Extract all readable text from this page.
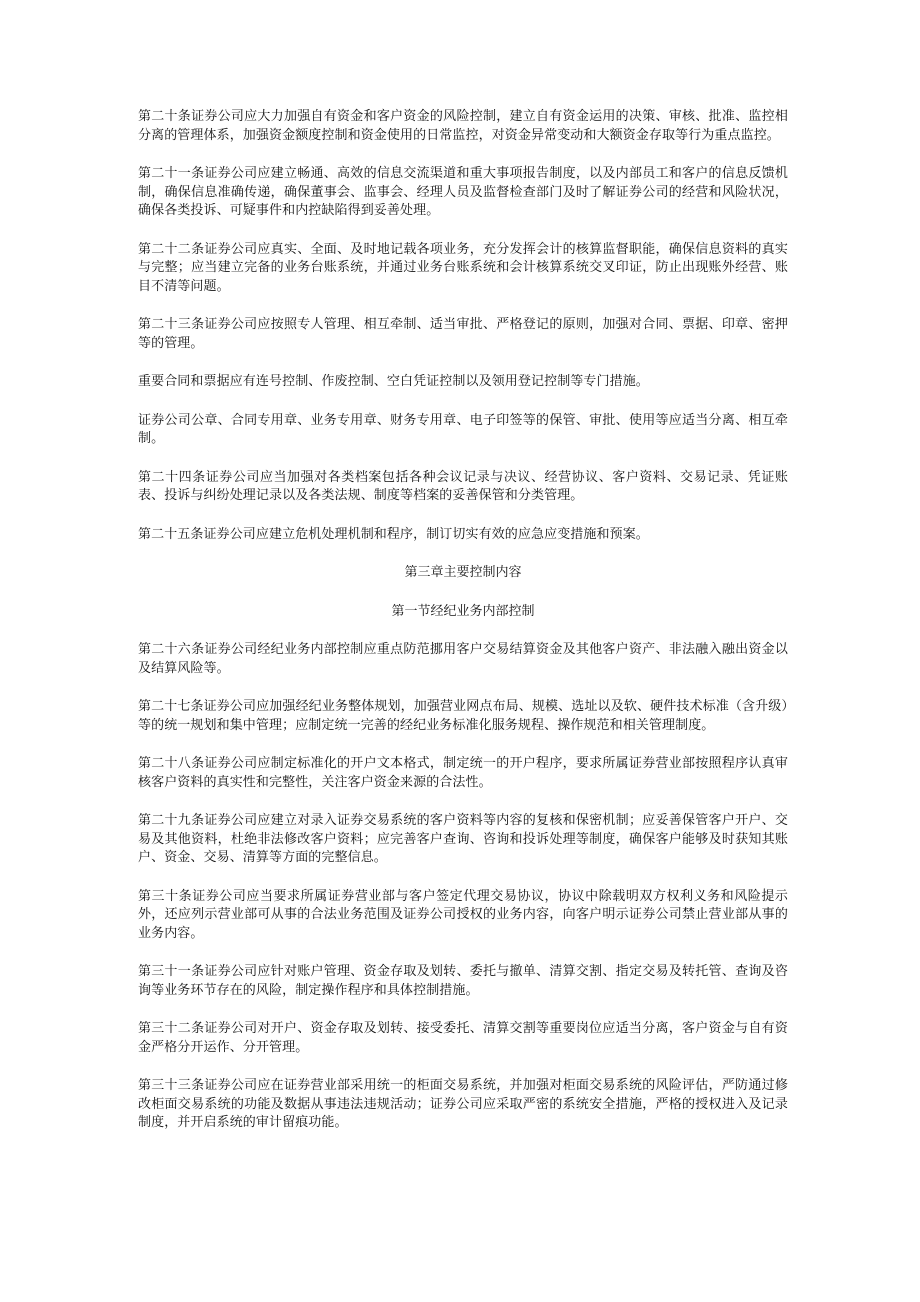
第二十条证券公司应大力加强自有资金和客户资金的风险控制，建立自有资金运用的决策、审核、批准、监控相分离的管理体系，加强资金额度控制和资金使用的日常监控，对资金异常变动和大额资金存取等行为重点监控。

第二十一条证券公司应建立畅通、高效的信息交流渠道和重大事项报告制度，以及内部员工和客户的信息反馈机制，确保信息准确传递，确保董事会、监事会、经理人员及监督检查部门及时了解证券公司的经营和风险状况，确保各类投诉、可疑事件和内控缺陷得到妥善处理。

第二十二条证券公司应真实、全面、及时地记载各项业务，充分发挥会计的核算监督职能，确保信息资料的真实与完整；应当建立完备的业务台账系统，并通过业务台账系统和会计核算系统交叉印证，防止出现账外经营、账目不清等问题。

第二十三条证券公司应按照专人管理、相互牵制、适当审批、严格登记的原则，加强对合同、票据、印章、密押等的管理。

重要合同和票据应有连号控制、作废控制、空白凭证控制以及领用登记控制等专门措施。

证券公司公章、合同专用章、业务专用章、财务专用章、电子印签等的保管、审批、使用等应适当分离、相互牵制。

第二十四条证券公司应当加强对各类档案包括各种会议记录与决议、经营协议、客户资料、交易记录、凭证账表、投诉与纠纷处理记录以及各类法规、制度等档案的妥善保管和分类管理。

第二十五条证券公司应建立危机处理机制和程序，制订切实有效的应急应变措施和预案。

第三章主要控制内容

第一节经纪业务内部控制

第二十六条证券公司经纪业务内部控制应重点防范挪用客户交易结算资金及其他客户资产、非法融入融出资金以及结算风险等。

第二十七条证券公司应加强经纪业务整体规划，加强营业网点布局、规模、选址以及软、硬件技术标准（含升级）等的统一规划和集中管理；应制定统一完善的经纪业务标准化服务规程、操作规范和相关管理制度。

第二十八条证券公司应制定标准化的开户文本格式，制定统一的开户程序，要求所属证券营业部按照程序认真审核客户资料的真实性和完整性，关注客户资金来源的合法性。

第二十九条证券公司应建立对录入证券交易系统的客户资料等内容的复核和保密机制；应妥善保管客户开户、交易及其他资料，杜绝非法修改客户资料；应完善客户查询、咨询和投诉处理等制度，确保客户能够及时获知其账户、资金、交易、清算等方面的完整信息。

第三十条证券公司应当要求所属证券营业部与客户签定代理交易协议，协议中除载明双方权利义务和风险提示外，还应列示营业部可从事的合法业务范围及证券公司授权的业务内容，向客户明示证券公司禁止营业部从事的业务内容。

第三十一条证券公司应针对账户管理、资金存取及划转、委托与撤单、清算交割、指定交易及转托管、查询及咨询等业务环节存在的风险，制定操作程序和具体控制措施。

第三十二条证券公司对开户、资金存取及划转、接受委托、清算交割等重要岗位应适当分离，客户资金与自有资金严格分开运作、分开管理。

第三十三条证券公司应在证券营业部采用统一的柜面交易系统，并加强对柜面交易系统的风险评估，严防通过修改柜面交易系统的功能及数据从事违法违规活动；证券公司应采取严密的系统安全措施，严格的授权进入及记录制度，并开启系统的审计留痕功能。
